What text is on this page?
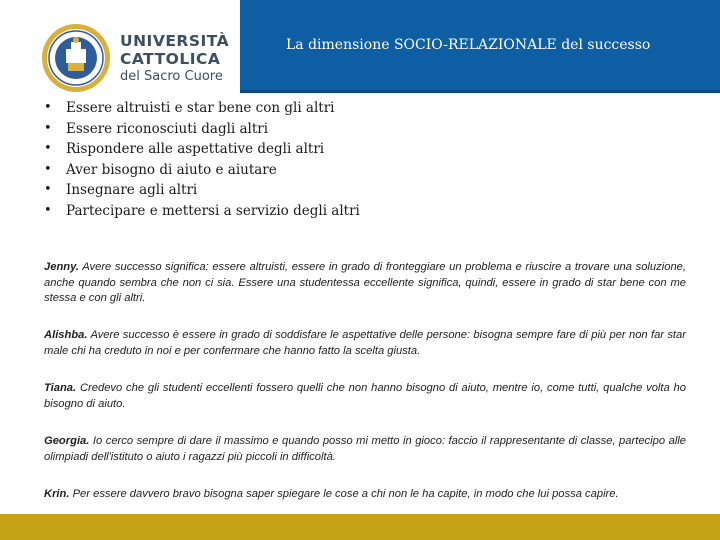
UNIVERSITÀ
CATTOLICA
del Sacro Cuore
La dimensione SOCIO-RELAZIONALE del successo
• Essere altruisti e star bene con gli altri
• Essere riconosciuti dagli altri
• Rispondere alle aspettative degli altri
• Aver bisogno di aiuto e aiutare
• Insegnare agli altri
• Partecipare e mettersi a servizio degli altri

Jenny. Avere successo significa: essere altruisti, essere in grado di fronteggiare un problema e riuscire a trovare una soluzione, anche quando sembra che non ci sia. Essere una studentessa eccellente significa, quindi, essere in grado di star bene con me stessa e con gli altri.

Alishba. Avere successo è essere in grado di soddisfare le aspettative delle persone: bisogna sempre fare di più per non far star male chi ha creduto in noi e per confermare che hanno fatto la scelta giusta.

Tiana. Credevo che gli studenti eccellenti fossero quelli che non hanno bisogno di aiuto, mentre io, come tutti, qualche volta ho bisogno di aiuto.

Georgia. Io cerco sempre di dare il massimo e quando posso mi metto in gioco: faccio il rappresentante di classe, partecipo alle olimpiadi dell'istituto o aiuto i ragazzi più piccoli in difficoltà.

Krin. Per essere davvero bravo bisogna saper spiegare le cose a chi non le ha capite, in modo che lui possa capire.
